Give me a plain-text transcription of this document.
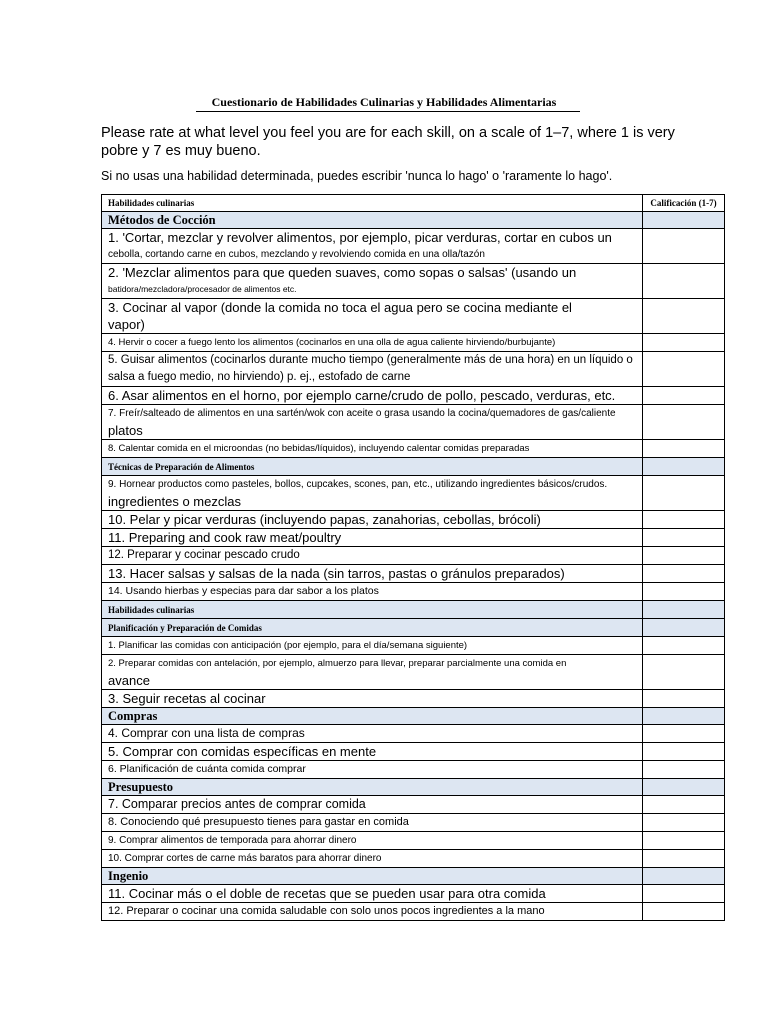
Cuestionario de Habilidades Culinarias y Habilidades Alimentarias
Please rate at what level you feel you are for each skill, on a scale of 1–7, where 1 is very pobre y 7 es muy bueno.
Si no usas una habilidad determinada, puedes escribir 'nunca lo hago' o 'raramente lo hago'.
Habilidades culinarias	Calificación (1-7)
Métodos de Cocción	

1. 'Cortar, mezclar y revolver alimentos, por ejemplo, picar verduras, cortar en cubos un
cebolla, cortando carne en cubos, mezclando y revolviendo comida en una olla/tazón	

2. 'Mezclar alimentos para que queden suaves, como sopas o salsas' (usando un
batidora/mezcladora/procesador de alimentos etc.	

3. Cocinar al vapor (donde la comida no toca el agua pero se cocina mediante el vapor)	

4. Hervir o cocer a fuego lento los alimentos (cocinarlos en una olla de agua caliente hirviendo/burbujante)	

5. Guisar alimentos (cocinarlos durante mucho tiempo (generalmente más de una hora) en un líquido o
salsa a fuego medio, no hirviendo) p. ej., estofado de carne	

6. Asar alimentos en el horno, por ejemplo carne/crudo de pollo, pescado, verduras, etc.	

7. Freír/salteado de alimentos en una sartén/wok con aceite o grasa usando la cocina/quemadores de gas/caliente
platos	

8. Calentar comida en el microondas (no bebidas/líquidos), incluyendo calentar comidas preparadas	

Técnicas de Preparación de Alimentos	

9. Hornear productos como pasteles, bollos, cupcakes, scones, pan, etc., utilizando ingredientes básicos/crudos.
ingredientes o mezclas	

10. Pelar y picar verduras (incluyendo papas, zanahorias, cebollas, brócoli)	

11. Preparing and cook raw meat/poultry	

12. Preparar y cocinar pescado crudo	

13. Hacer salsas y salsas de la nada (sin tarros, pastas o gránulos preparados)	

14. Usando hierbas y especias para dar sabor a los platos	

Habilidades culinarias	
Planificación y Preparación de Comidas	

1. Planificar las comidas con anticipación (por ejemplo, para el día/semana siguiente)	

2. Preparar comidas con antelación, por ejemplo, almuerzo para llevar, preparar parcialmente una comida en
avance	

3. Seguir recetas al cocinar	
Compras	

4. Comprar con una lista de compras	

5. Comprar con comidas específicas en mente	

6. Planificación de cuánta comida comprar	

Presupuesto	

7. Comparar precios antes de comprar comida	

8. Conociendo qué presupuesto tienes para gastar en comida	

9. Comprar alimentos de temporada para ahorrar dinero	

10. Comprar cortes de carne más baratos para ahorrar dinero	

Ingenio	

11. Cocinar más o el doble de recetas que se pueden usar para otra comida	

12. Preparar o cocinar una comida saludable con solo unos pocos ingredientes a la mano	
